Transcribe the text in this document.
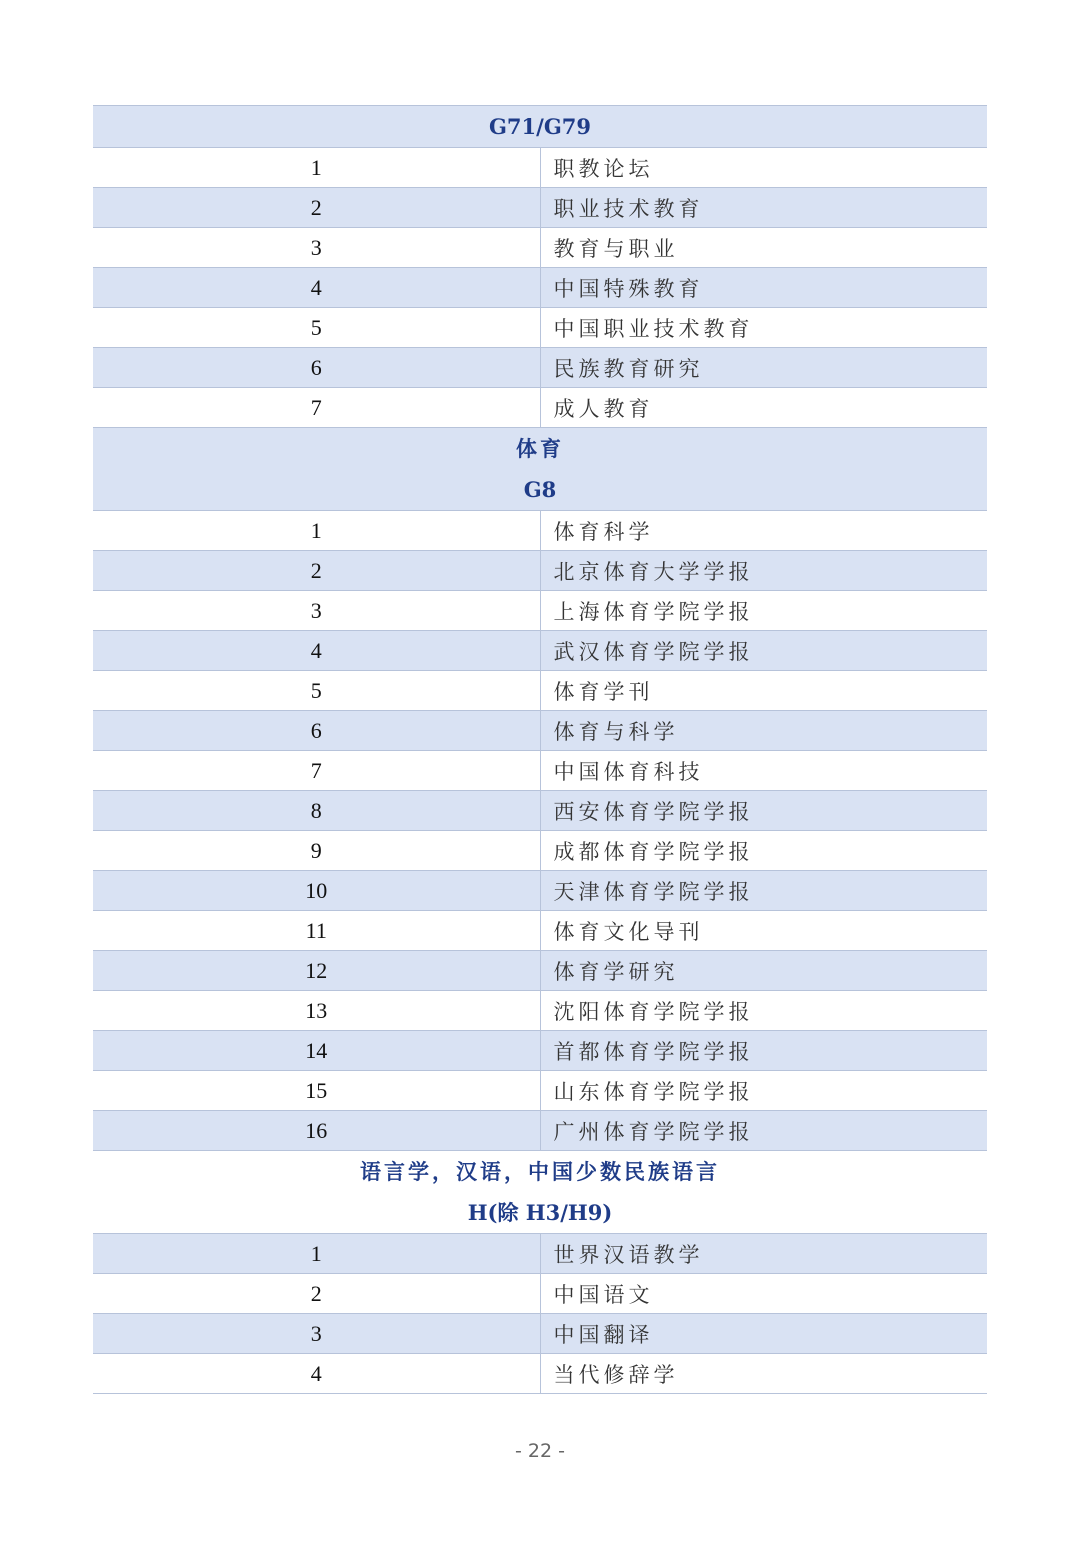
G71/G79	

1	职教论坛
2	职业技术教育
3	教育与职业
4	中国特殊教育
5	中国职业技术教育
6	民族教育研究
7	成人教育

体育
G8	

1	体育科学
2	北京体育大学学报
3	上海体育学院学报
4	武汉体育学院学报
5	体育学刊
6	体育与科学
7	中国体育科技
8	西安体育学院学报
9	成都体育学院学报
10	天津体育学院学报
11	体育文化导刊
12	体育学研究
13	沈阳体育学院学报
14	首都体育学院学报
15	山东体育学院学报
16	广州体育学院学报

语言学，汉语，中国少数民族语言
H(除 H3/H9)	

1	世界汉语教学
2	中国语文
3	中国翻译
4	当代修辞学
- 22 -
